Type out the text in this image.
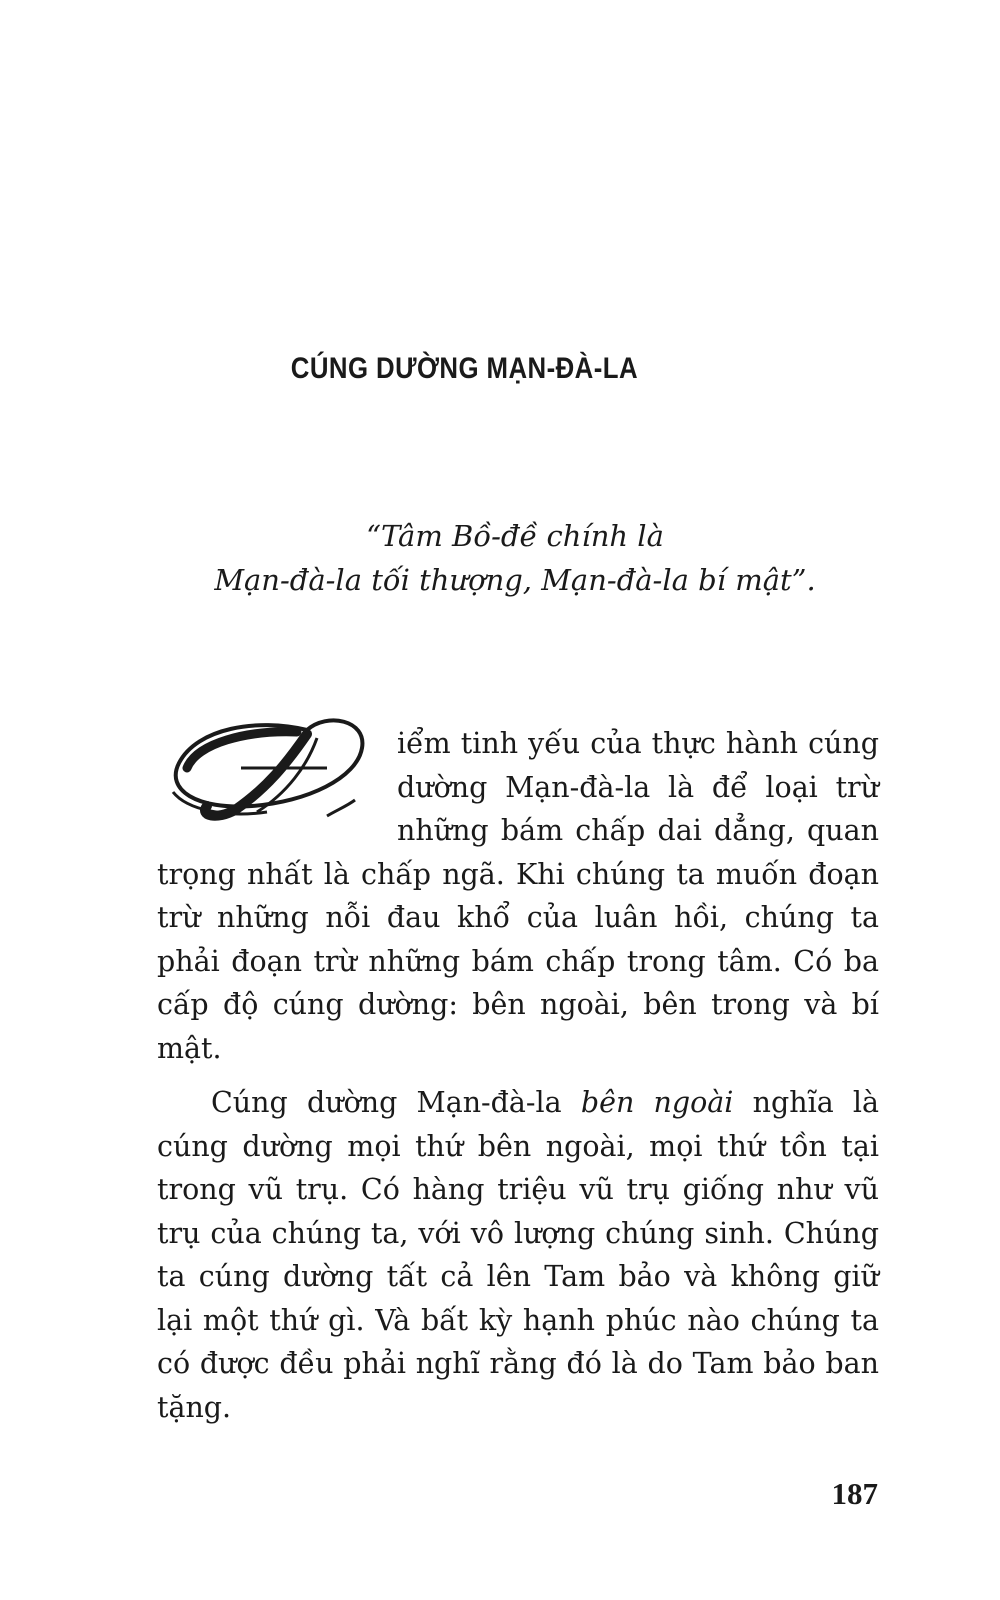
CÚNG DƯỜNG MẠN-ĐÀ-LA
“Tâm Bồ-đề chính là
Mạn-đà-la tối thượng, Mạn-đà-la bí mật”.

Đ
iểm tinh yếu của thực hành cúng dường Mạn-đà-la là để loại trừ những bám chấp dai dẳng, quan trọng nhất là chấp ngã. Khi chúng ta muốn đoạn trừ những nỗi đau khổ của luân hồi, chúng ta phải đoạn trừ những bám chấp trong tâm. Có ba cấp độ cúng dường: bên ngoài, bên trong và bí mật.

Cúng dường Mạn-đà-la bên ngoài nghĩa là cúng dường mọi thứ bên ngoài, mọi thứ tồn tại trong vũ trụ. Có hàng triệu vũ trụ giống như vũ trụ của chúng ta, với vô lượng chúng sinh. Chúng ta cúng dường tất cả lên Tam bảo và không giữ lại một thứ gì. Và bất kỳ hạnh phúc nào chúng ta có được đều phải nghĩ rằng đó là do Tam bảo ban tặng.

187
